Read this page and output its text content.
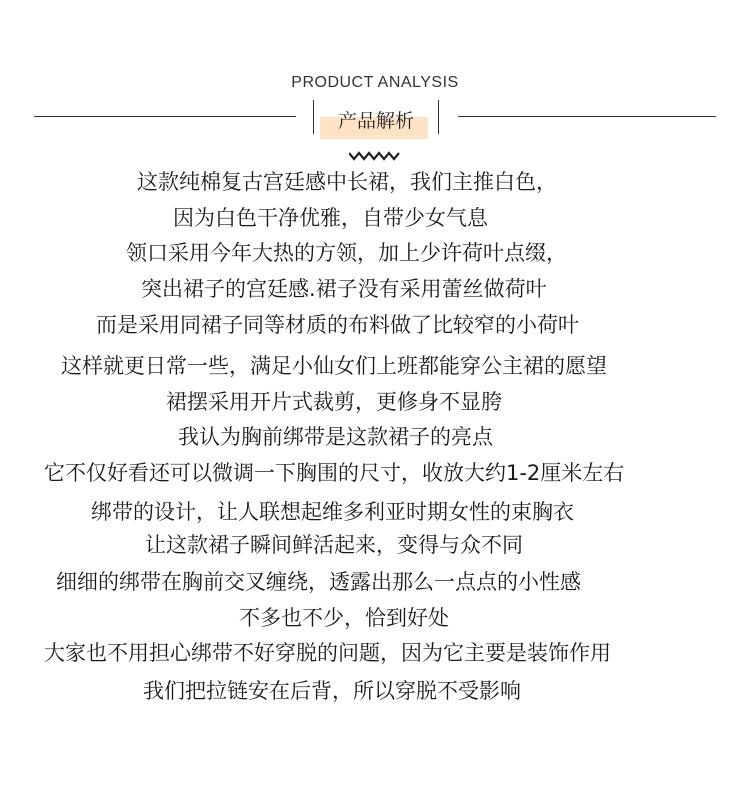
PRODUCT ANALYSIS
产品解析
这款纯棉复古宫廷感中长裙，我们主推白色，
因为白色干净优雅，自带少女气息
领口采用今年大热的方领，加上少许荷叶点缀，
突出裙子的宫廷感.裙子没有采用蕾丝做荷叶
而是采用同裙子同等材质的布料做了比较窄的小荷叶
这样就更日常一些，满足小仙女们上班都能穿公主裙的愿望
裙摆采用开片式裁剪，更修身不显胯
我认为胸前绑带是这款裙子的亮点
它不仅好看还可以微调一下胸围的尺寸，收放大约1-2厘米左右
绑带的设计，让人联想起维多利亚时期女性的束胸衣
让这款裙子瞬间鲜活起来，变得与众不同
细细的绑带在胸前交叉缠绕，透露出那么一点点的小性感
不多也不少，恰到好处
大家也不用担心绑带不好穿脱的问题，因为它主要是装饰作用
我们把拉链安在后背，所以穿脱不受影响
